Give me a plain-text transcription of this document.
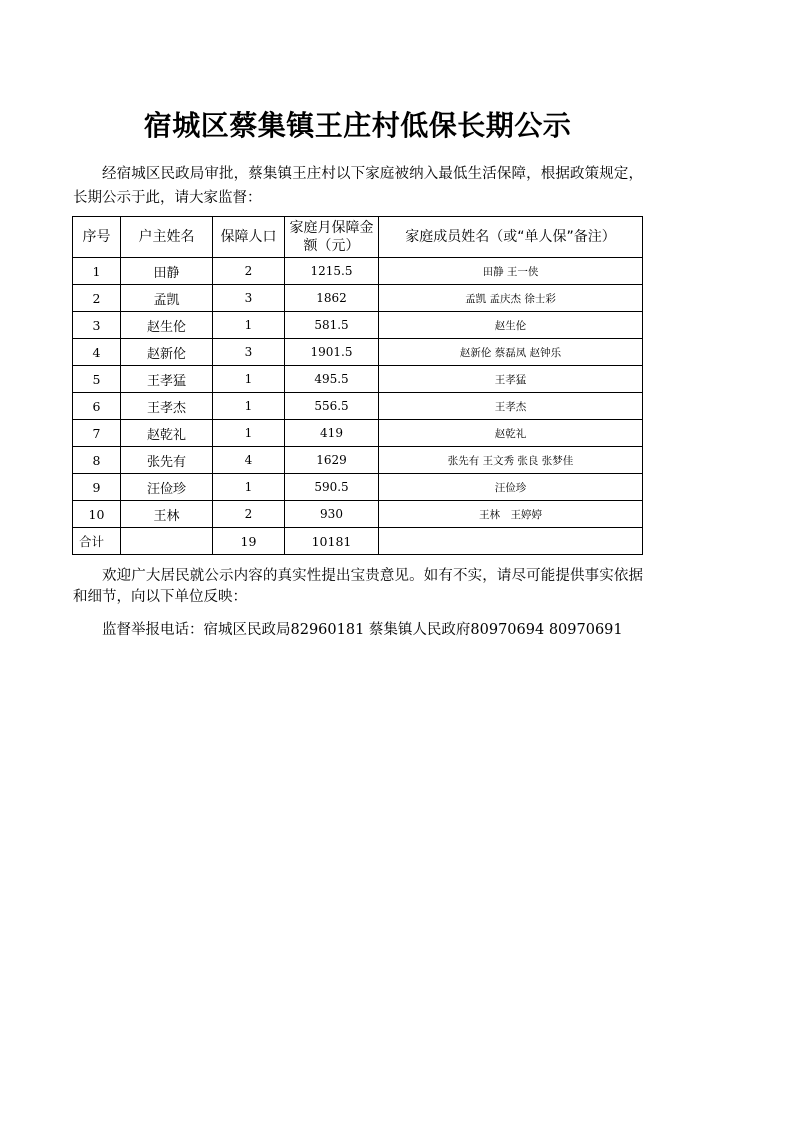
宿城区蔡集镇王庄村低保长期公示
经宿城区民政局审批，蔡集镇王庄村以下家庭被纳入最低生活保障，根据政策规定，长期公示于此，请大家监督：
序号	户主姓名	保障人口	家庭月保障金额（元）	家庭成员姓名（或“单人保”备注）
1	田静	2	1215.5	田静 王一侠
2	孟凯	3	1862	孟凯 孟庆杰 徐士彩
3	赵生伦	1	581.5	赵生伦
4	赵新伦	3	1901.5	赵新伦 蔡磊凤 赵钟乐
5	王孝猛	1	495.5	王孝猛
6	王孝杰	1	556.5	王孝杰
7	赵乾礼	1	419	赵乾礼
8	张先有	4	1629	张先有 王文秀 张良 张梦佳
9	汪俭珍	1	590.5	汪俭珍
10	王林	2	930	王林　王婷婷
合计		19	10181	
欢迎广大居民就公示内容的真实性提出宝贵意见。如有不实，请尽可能提供事实依据和细节，向以下单位反映：
监督举报电话：宿城区民政局82960181 蔡集镇人民政府80970694 80970691
